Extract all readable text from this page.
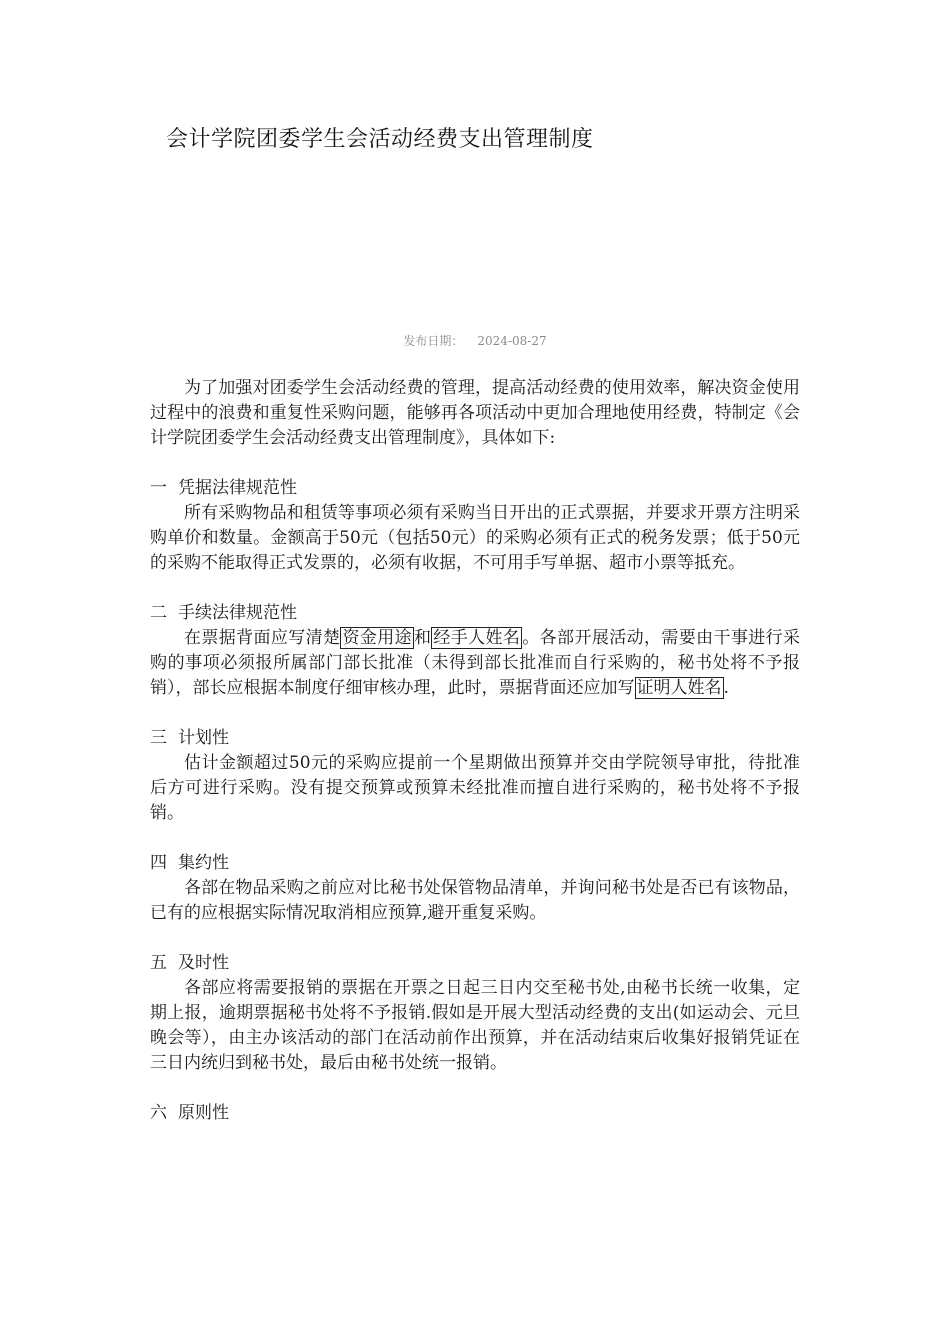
会计学院团委学生会活动经费支出管理制度
发布日期： 2024-08-27

为了加强对团委学生会活动经费的管理，提高活动经费的使用效率，解决资金使用过程中的浪费和重复性采购问题，能够再各项活动中更加合理地使用经费，特制定《会计学院团委学生会活动经费支出管理制度》，具体如下:

一 凭据法律规范性

所有采购物品和租赁等事项必须有采购当日开出的正式票据，并要求开票方注明采购单价和数量。金额高于50元（包括50元）的采购必须有正式的税务发票；低于50元的采购不能取得正式发票的，必须有收据，不可用手写单据、超市小票等抵充。

二 手续法律规范性

在票据背面应写清楚 资金用途 和 经手人姓名 。各部开展活动，需要由干事进行采购的事项必须报所属部门部长批准（未得到部长批准而自行采购的，秘书处将不予报销），部长应根据本制度仔细审核办理，此时，票据背面还应加写 证明人姓名 .

三 计划性

估计金额超过50元的采购应提前一个星期做出预算并交由学院领导审批，待批准后方可进行采购。没有提交预算或预算未经批准而擅自进行采购的，秘书处将不予报销。

四 集约性

各部在物品采购之前应对比秘书处保管物品清单，并询问秘书处是否已有该物品，已有的应根据实际情况取消相应预算,避开重复采购。

五 及时性

各部应将需要报销的票据在开票之日起三日内交至秘书处,由秘书长统一收集，定期上报，逾期票据秘书处将不予报销.假如是开展大型活动经费的支出(如运动会、元旦晚会等），由主办该活动的部门在活动前作出预算，并在活动结束后收集好报销凭证在三日内统归到秘书处，最后由秘书处统一报销。

六 原则性
